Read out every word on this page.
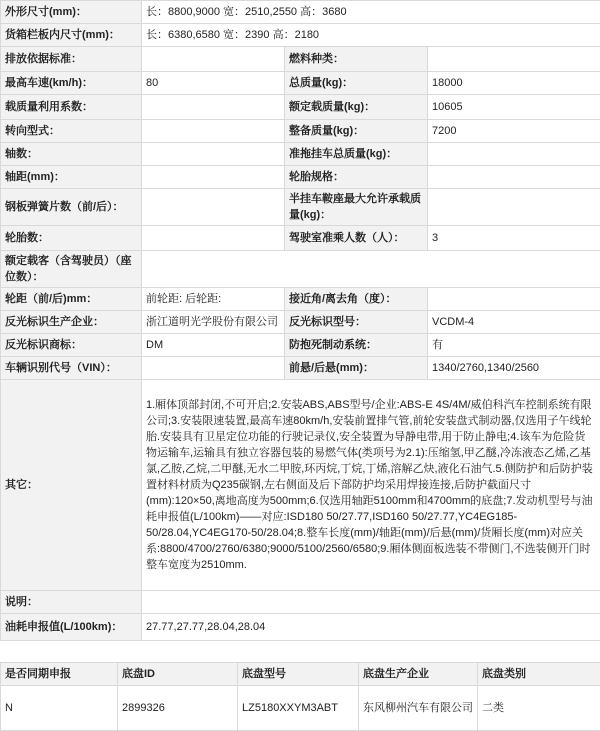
外形尺寸(mm)：	长：8800,9000 宽：2510,2550 高：3680		
货箱栏板内尺寸(mm)：	长：6380,6580 宽：2390 高：2180		
排放依据标准：		燃料种类：	
最高车速(km/h)：	80	总质量(kg)：	18000
载质量利用系数：		额定载质量(kg)：	10605
转向型式：		整备质量(kg)：	7200
轴数：		准拖挂车总质量(kg)：	
轴距(mm)：		轮胎规格：	
钢板弹簧片数（前/后）：		半挂车鞍座最大允许承载质量(kg)：	
轮胎数：		驾驶室准乘人数（人）：	3
额定载客（含驾驶员）（座位数）：			
轮距（前/后)mm：	前轮距: 后轮距:	接近角/离去角（度）：	
反光标识生产企业：	浙江道明光学股份有限公司	反光标识型号：	VCDM-4
反光标识商标：	DM	防抱死制动系统：	有
车辆识别代号（VIN）：		前悬/后悬(mm)：	1340/2760,1340/2560
其它：	1.厢体顶部封闭,不可开启;2.安装ABS,ABS型号/企业:ABS-E 4S/4M/威伯科汽车控制系统有限公司;3.安装限速装置,最高车速80km/h,安装前置排气管,前轮安装盘式制动器,仅选用子午线轮胎.安装具有卫星定位功能的行驶记录仪,安全装置为导静电带,用于防止静电;4.该车为危险货物运输车,运输具有独立容器包装的易燃气体(类项号为2.1):压缩氢,甲乙醚,冷冻液态乙烯,乙基氯,乙胺,乙烷,二甲醚,无水二甲胺,环丙烷,丁烷,丁烯,溶解乙炔,液化石油气.5.侧防护和后防护装置材料材质为Q235碳钢,左右侧面及后下部防护均采用焊接连接,后防护截面尺寸(mm):120×50,离地高度为500mm;6.仅选用轴距5100mm和4700mm的底盘;7.发动机型号与油耗申报值(L/100km)——对应:ISD180 50/27.77,ISD160 50/27.77,YC4EG185-50/28.04,YC4EG170-50/28.04;8.整车长度(mm)/轴距(mm)/后悬(mm)/货厢长度(mm)对应关系:8800/4700/2760/6380;9000/5100/2560/6580;9.厢体侧面板选装不带侧门,不选装侧开门时整车宽度为2510mm.		
说明：			
油耗申报值(L/100km)：	27.77,27.77,28.04,28.04		
是否同期申报	底盘ID	底盘型号	底盘生产企业	底盘类别
N	2899326	LZ5180XXYM3ABT	东风柳州汽车有限公司	二类
